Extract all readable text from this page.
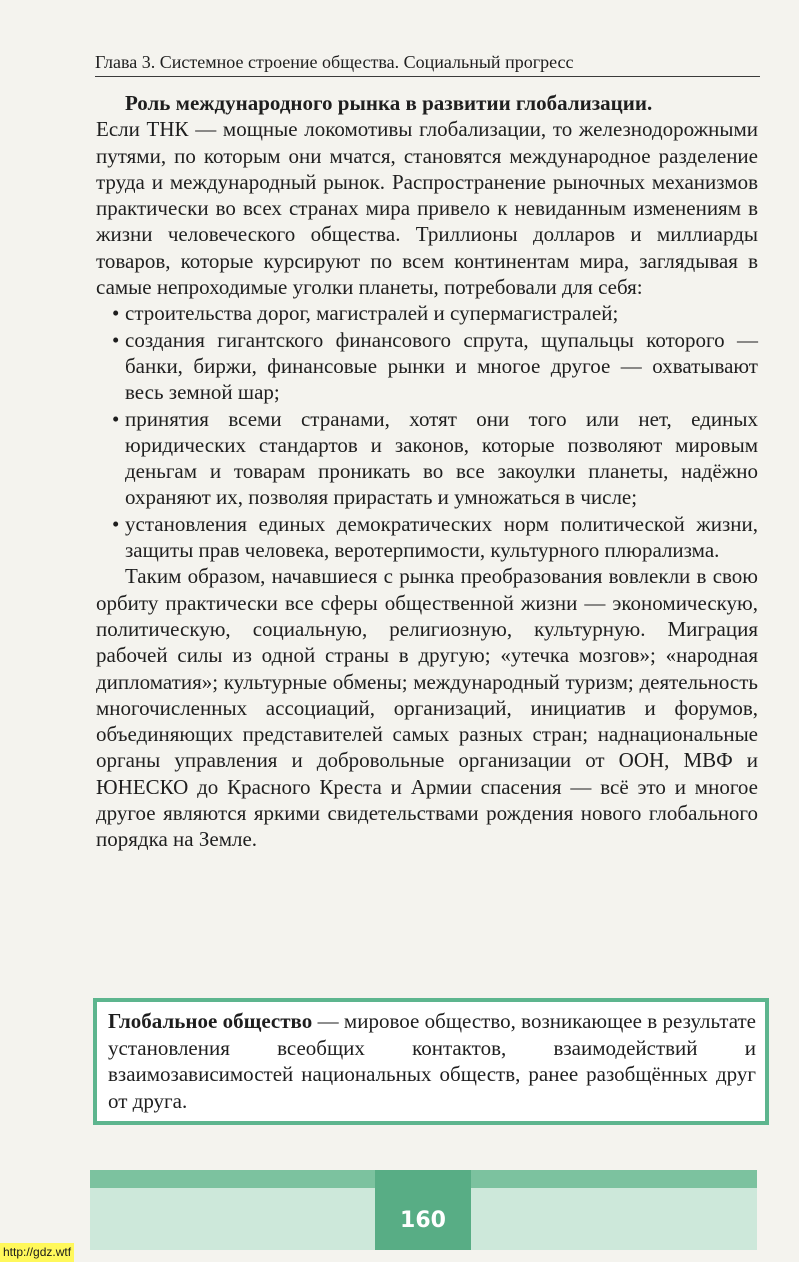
Глава 3. Системное строение общества. Социальный прогресс

Роль международного рынка в развитии глобализации.
Если ТНК — мощные локомотивы глобализации, то железнодорожными путями, по которым они мчатся, становятся международное разделение труда и международный рынок. Распространение рыночных механизмов практически во всех странах мира привело к невиданным изменениям в жизни человеческого общества. Триллионы долларов и миллиарды товаров, которые курсируют по всем континентам мира, заглядывая в самые непроходимые уголки планеты, потребовали для себя:

• строительства дорог, магистралей и супермагистралей;
• создания гигантского финансового спрута, щупальцы которого — банки, биржи, финансовые рынки и многое другое — охватывают весь земной шар;
• принятия всеми странами, хотят они того или нет, единых юридических стандартов и законов, которые позволяют мировым деньгам и товарам проникать во все закоулки планеты, надёжно охраняют их, позволяя прирастать и умножаться в числе;
• установления единых демократических норм политической жизни, защиты прав человека, веротерпимости, культурного плюрализма.

Таким образом, начавшиеся с рынка преобразования вовлекли в свою орбиту практически все сферы общественной жизни — экономическую, политическую, социальную, религиозную, культурную. Миграция рабочей силы из одной страны в другую; «утечка мозгов»; «народная дипломатия»; культурные обмены; международный туризм; деятельность многочисленных ассоциаций, организаций, инициатив и форумов, объединяющих представителей самых разных стран; наднациональные органы управления и добровольные организации от ООН, МВФ и ЮНЕСКО до Красного Креста и Армии спасения — всё это и многое другое являются яркими свидетельствами рождения нового глобального порядка на Земле.

Глобальное общество — мировое общество, возникающее в результате установления всеобщих контактов, взаимодействий и взаимозависимостей национальных обществ, ранее разобщённых друг от друга.
160
http://gdz.wtf
